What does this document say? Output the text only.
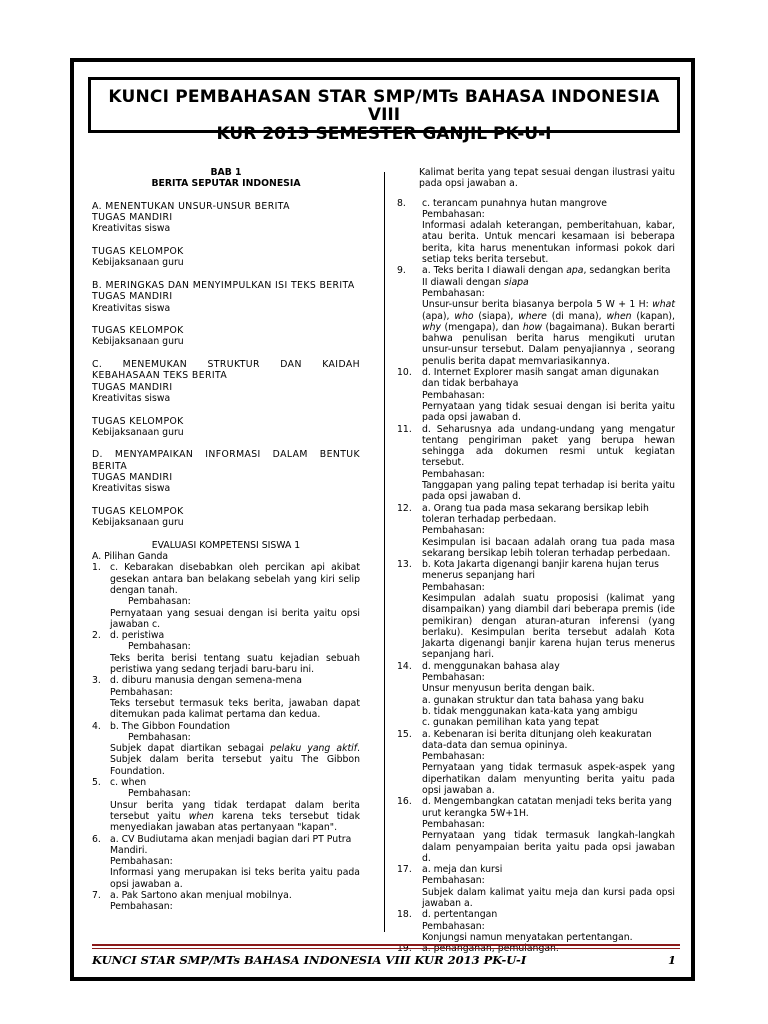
KUNCI PEMBAHASAN STAR SMP/MTs BAHASA INDONESIA
VIII
KUR 2013 SEMESTER GANJIL PK-U-I

BAB 1

BERITA SEPUTAR INDONESIA

A. MENENTUKAN UNSUR-UNSUR BERITA

TUGAS MANDIRI

Kreativitas siswa

TUGAS KELOMPOK

Kebijaksanaan guru

B. MERINGKAS DAN MENYIMPULKAN ISI TEKS BERITA

TUGAS MANDIRI

Kreativitas siswa

TUGAS KELOMPOK

Kebijaksanaan guru

C. MENEMUKAN STRUKTUR DAN KAIDAH KEBAHASAAN TEKS BERITA

TUGAS MANDIRI

Kreativitas siswa

TUGAS KELOMPOK

Kebijaksanaan guru

D. MENYAMPAIKAN INFORMASI DALAM BENTUK BERITA

TUGAS MANDIRI

Kreativitas siswa

TUGAS KELOMPOK

Kebijaksanaan guru

EVALUASI KOMPETENSI SISWA 1

A. Pilihan Ganda

1. c. Kebarakan disebabkan oleh percikan api akibat gesekan antara ban belakang sebelah yang kiri selip dengan tanah.

Pembahasan:

Pernyataan yang sesuai dengan isi berita yaitu opsi jawaban c.

2. d. peristiwa

Pembahasan:

Teks berita berisi tentang suatu kejadian sebuah peristiwa yang sedang terjadi baru-baru ini.

3. d. diburu manusia dengan semena-mena

Pembahasan:

Teks tersebut termasuk teks berita, jawaban dapat ditemukan pada kalimat pertama dan kedua.

4. b. The Gibbon Foundation

Pembahasan:

Subjek dapat diartikan sebagai pelaku yang aktif. Subjek dalam berita tersebut yaitu The Gibbon Foundation.

5. c. when

Pembahasan:

Unsur berita yang tidak terdapat dalam berita tersebut yaitu when karena teks tersebut tidak menyediakan jawaban atas pertanyaan "kapan".

6. a. CV Budiutama akan menjadi bagian dari PT Putra Mandiri.

Pembahasan:

Informasi yang merupakan isi teks berita yaitu pada opsi jawaban a.

7. a. Pak Sartono akan menjual mobilnya.

Pembahasan:

Kalimat berita yang tepat sesuai dengan ilustrasi yaitu pada opsi jawaban a.

8.	c. terancam punahnya hutan mangrove

Pembahasan:

Informasi adalah keterangan, pemberitahuan, kabar, atau berita. Untuk mencari kesamaan isi beberapa berita, kita harus menentukan informasi pokok dari setiap teks berita tersebut.

9.	a. Teks berita I diawali dengan apa, sedangkan berita II diawali dengan siapa

Pembahasan:

Unsur-unsur berita biasanya berpola 5 W + 1 H: what (apa), who (siapa), where (di mana), when (kapan), why (mengapa), dan how (bagaimana). Bukan berarti bahwa penulisan berita harus mengikuti urutan unsur-unsur tersebut. Dalam penyajiannya , seorang penulis berita dapat memvariasikannya.

10.	d. Internet Explorer masih sangat aman digunakan dan tidak berbahaya

Pembahasan:

Pernyataan yang tidak sesuai dengan isi berita yaitu pada opsi jawaban d.

11.	d. Seharusnya ada undang-undang yang mengatur tentang pengiriman paket yang berupa hewan sehingga ada dokumen resmi untuk kegiatan tersebut.

Pembahasan:

Tanggapan yang paling tepat terhadap isi berita yaitu pada opsi jawaban d.

12.	a. Orang tua pada masa sekarang bersikap lebih toleran terhadap perbedaan.

Pembahasan:

Kesimpulan isi bacaan adalah orang tua pada masa sekarang bersikap lebih toleran terhadap perbedaan.

13.	b. Kota Jakarta digenangi banjir karena hujan terus menerus sepanjang hari

Pembahasan:

Kesimpulan adalah suatu proposisi (kalimat yang disampaikan) yang diambil dari beberapa premis (ide pemikiran) dengan aturan-aturan inferensi (yang berlaku). Kesimpulan berita tersebut adalah Kota Jakarta digenangi banjir karena hujan terus menerus sepanjang hari.

14.	d. menggunakan bahasa alay

Pembahasan:

Unsur menyusun berita dengan baik.

a. gunakan struktur dan tata bahasa yang baku

b. tidak menggunakan kata-kata yang ambigu

c. gunakan pemilihan kata yang tepat

15.	a. Kebenaran isi berita ditunjang oleh keakuratan data-data dan semua opininya.

Pembahasan:

Pernyataan yang tidak termasuk aspek-aspek yang diperhatikan dalam menyunting berita yaitu pada opsi jawaban a.

16.	d. Mengembangkan catatan menjadi teks berita yang urut kerangka 5W+1H.

Pembahasan:

Pernyataan yang tidak termasuk langkah-langkah dalam penyampaian berita yaitu pada opsi jawaban d.

17.	a. meja dan kursi

Pembahasan:

Subjek dalam kalimat yaitu meja dan kursi pada opsi jawaban a.

18.	d. pertentangan

Pembahasan:

Konjungsi namun menyatakan pertentangan.

KUNCI STAR SMP/MTs BAHASA INDONESIA VIII KUR 2013 PK-U-I	1
